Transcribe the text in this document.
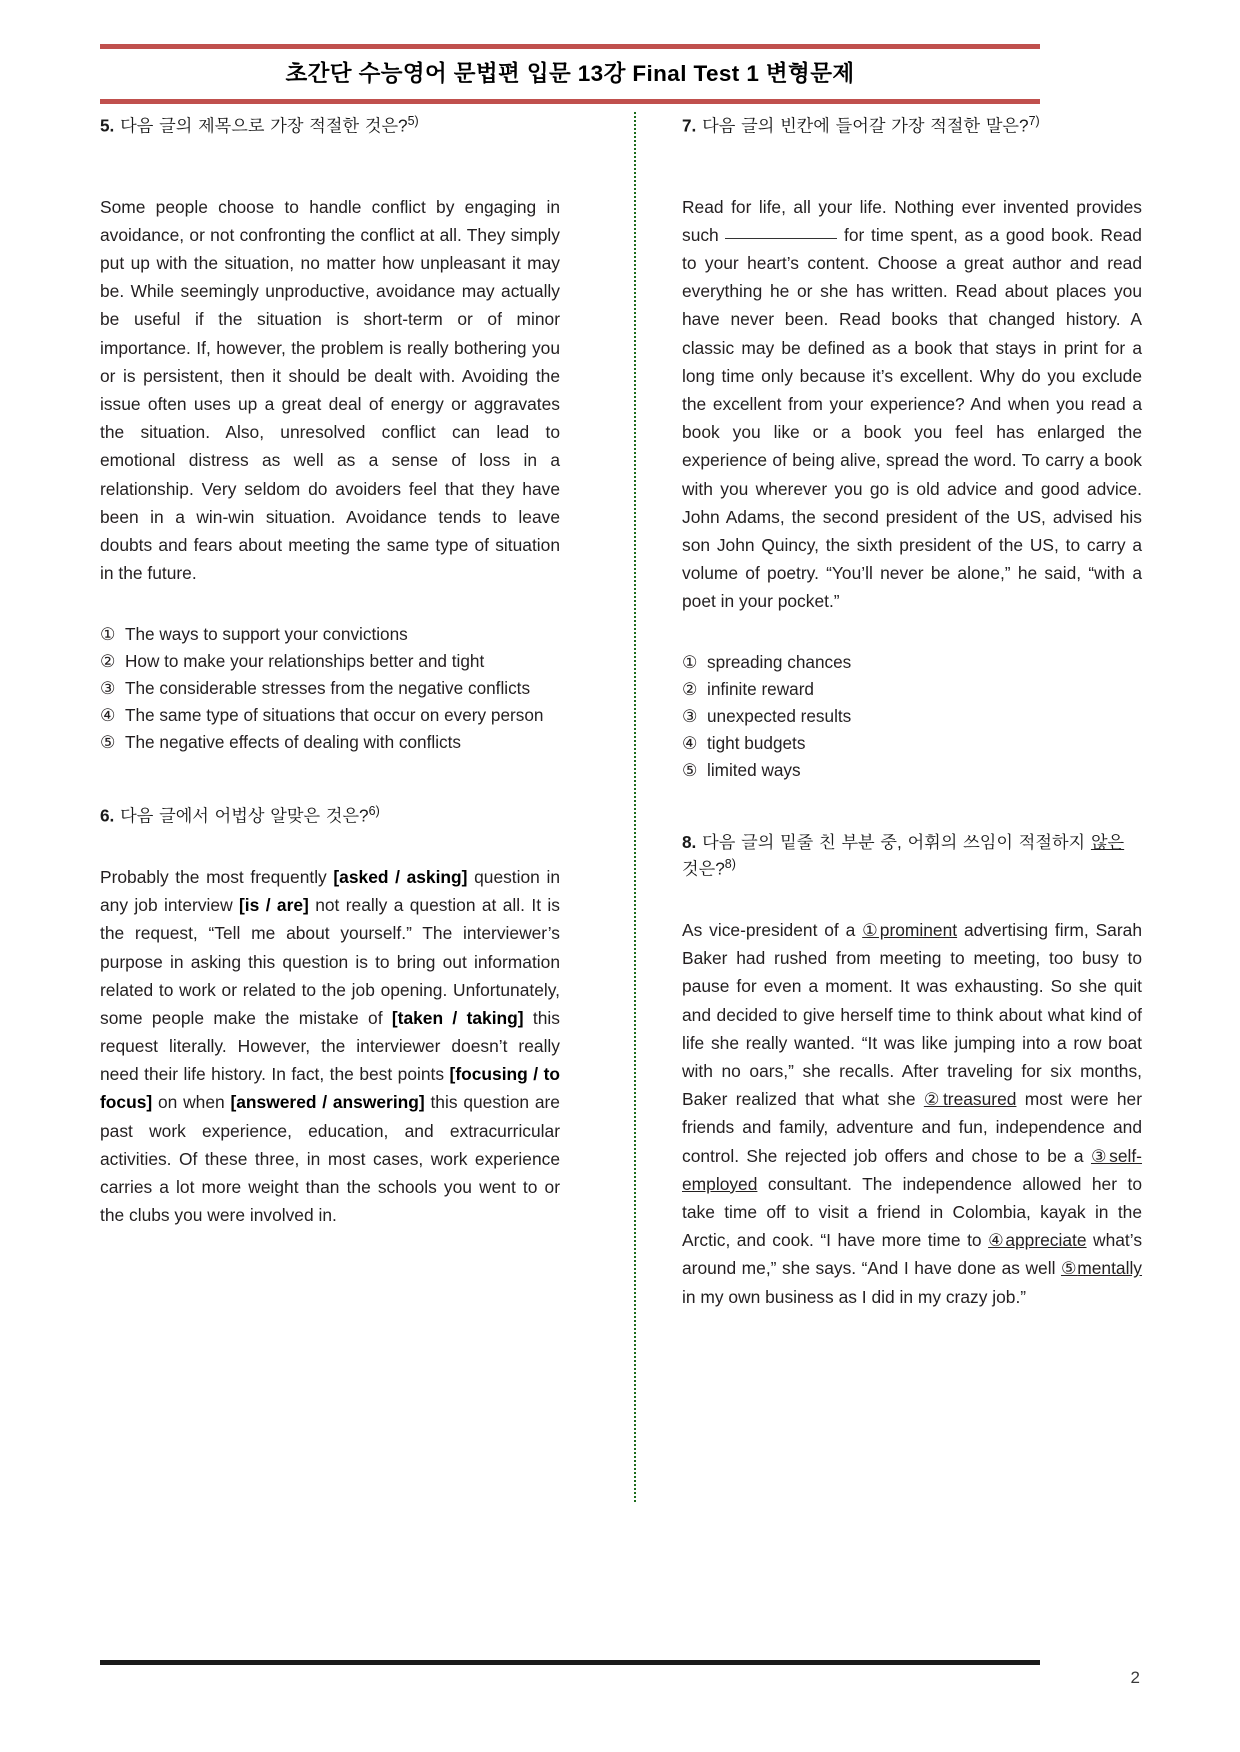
초간단 수능영어 문법편 입문 13강 Final Test 1 변형문제
5. 다음 글의 제목으로 가장 적절한 것은?$^{5)}$
Some people choose to handle conflict by engaging in avoidance, or not confronting the conflict at all. They simply put up with the situation, no matter how unpleasant it may be. While seemingly unproductive, avoidance may actually be useful if the situation is short-term or of minor importance. If, however, the problem is really bothering you or is persistent, then it should be dealt with. Avoiding the issue often uses up a great deal of energy or aggravates the situation. Also, unresolved conflict can lead to emotional distress as well as a sense of loss in a relationship. Very seldom do avoiders feel that they have been in a win-win situation. Avoidance tends to leave doubts and fears about meeting the same type of situation in the future.
① The ways to support your convictions
② How to make your relationships better and tight
③ The considerable stresses from the negative conflicts
④ The same type of situations that occur on every person
⑤ The negative effects of dealing with conflicts
6. 다음 글에서 어법상 알맞은 것은?$^{6)}$
Probably the most frequently [asked / asking] question in any job interview [is / are] not really a question at all. It is the request, “Tell me about yourself.” The interviewer’s purpose in asking this question is to bring out information related to work or related to the job opening. Unfortunately, some people make the mistake of [taken / taking] this request literally. However, the interviewer doesn’t really need their life history. In fact, the best points [focusing / to focus] on when [answered / answering] this question are past work experience, education, and extracurricular activities. Of these three, in most cases, work experience carries a lot more weight than the schools you went to or the clubs you were involved in.
7. 다음 글의 빈칸에 들어갈 가장 적절한 말은?$^{7)}$
Read for life, all your life. Nothing ever invented provides such	for time spent, as a good book. Read to your heart’s content. Choose a great author and read everything he or she has written. Read about places you have never been. Read books that changed history. A classic may be defined as a book that stays in print for a long time only because it’s excellent. Why do you exclude the excellent from your experience? And when you read a book you like or a book you feel has enlarged the experience of being alive, spread the word. To carry a book with you wherever you go is old advice and good advice. John Adams, the second president of the US, advised his son John Quincy, the sixth president of the US, to carry a volume of poetry. “You’ll never be alone,” he said, “with a poet in your pocket.”
① spreading chances
② infinite reward
③ unexpected results
④ tight budgets
⑤ limited ways
8. 다음 글의 밑줄 친 부분 중, 어휘의 쓰임이 적절하지 않은 것은?$^{8)}$
As vice-president of a ①prominent advertising firm, Sarah Baker had rushed from meeting to meeting, too busy to pause for even a moment. It was exhausting. So she quit and decided to give herself time to think about what kind of life she really wanted. “It was like jumping into a row boat with no oars,” she recalls. After traveling for six months, Baker realized that what she ②treasured most were her friends and family, adventure and fun, independence and control. She rejected job offers and chose to be a ③self-employed consultant. The independence allowed her to take time off to visit a friend in Colombia, kayak in the Arctic, and cook. “I have more time to ④appreciate what’s around me,” she says. “And I have done as well ⑤mentally in my own business as I did in my crazy job.”
2
